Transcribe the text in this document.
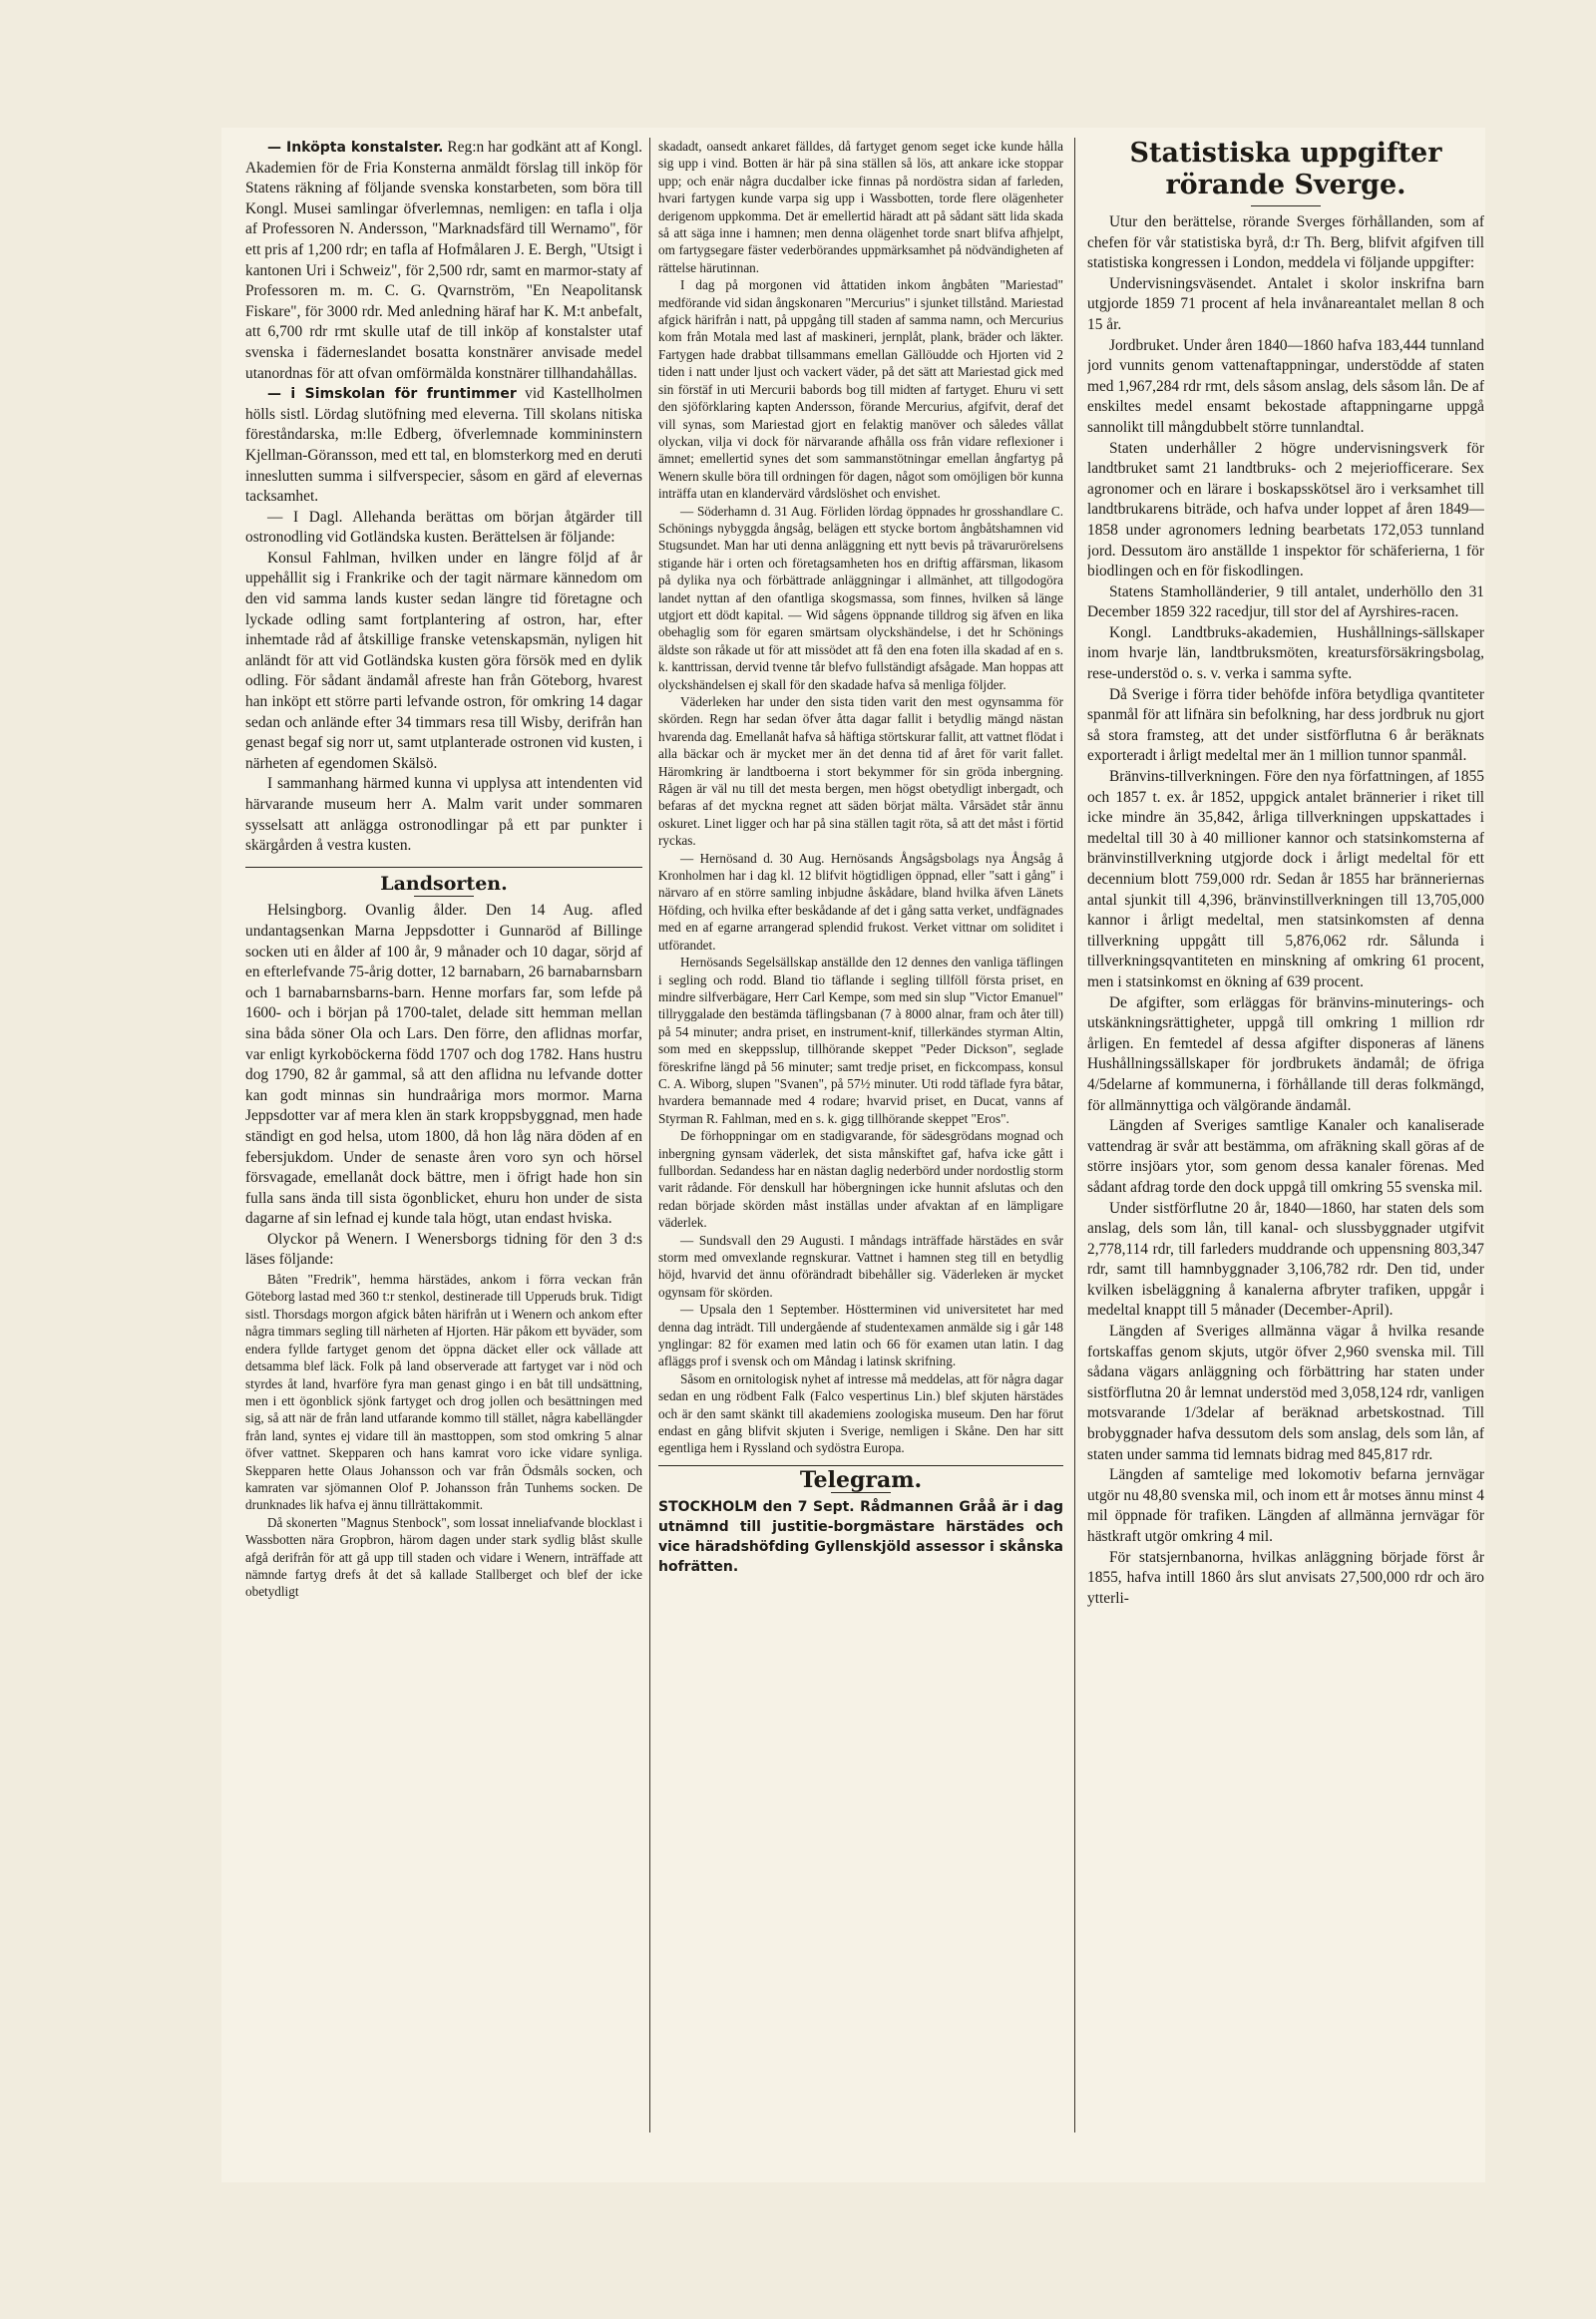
— Inköpta konstalster. Reg:n har godkänt att af Kongl. Akademien för de Fria Konsterna anmäldt förslag till inköp för Statens räkning af följande svenska konstarbeten, som böra till Kongl. Musei samlingar öfverlemnas, nemligen: en tafla i olja af Professoren N. Andersson, "Marknadsfärd till Wernamo", för ett pris af 1,200 rdr; en tafla af Hofmålaren J. E. Bergh, "Utsigt i kantonen Uri i Schweiz", för 2,500 rdr, samt en marmor-staty af Professoren m. m. C. G. Qvarnström, "En Neapolitansk Fiskare", för 3000 rdr. Med anledning häraf har K. M:t anbefalt, att 6,700 rdr rmt skulle utaf de till inköp af konstalster utaf svenska i fäderneslandet bosatta konstnärer anvisade medel utanordnas för att ofvan omförmälda konstnärer tillhandahållas.

— i Simskolan för fruntimmer vid Kastellholmen hölls sistl. Lördag slutöfning med eleverna. Till skolans nitiska föreståndarska, m:lle Edberg, öfverlemnade kommininstern Kjellman-Göransson, med ett tal, en blomsterkorg med en deruti inneslutten summa i silfverspecier, såsom en gärd af elevernas tacksamhet.

— I Dagl. Allehanda berättas om början åtgärder till ostronodling vid Gotländska kusten. Berättelsen är följande:

Konsul Fahlman, hvilken under en längre följd af år uppehållit sig i Frankrike och der tagit närmare kännedom om den vid samma lands kuster sedan längre tid företagne och lyckade odling samt fortplantering af ostron, har, efter inhemtade råd af åtskillige franske vetenskapsmän, nyligen hit anländt för att vid Gotländska kusten göra försök med en dylik odling. För sådant ändamål afreste han från Göteborg, hvarest han inköpt ett större parti lefvande ostron, för omkring 14 dagar sedan och anlände efter 34 timmars resa till Wisby, derifrån han genast begaf sig norr ut, samt utplanterade ostronen vid kusten, i närheten af egendomen Skälsö.

I sammanhang härmed kunna vi upplysa att intendenten vid härvarande museum herr A. Malm varit under sommaren sysselsatt att anlägga ostronodlingar på ett par punkter i skärgården å vestra kusten.

Landsorten.

Helsingborg. Ovanlig ålder. Den 14 Aug. afled undantagsenkan Marna Jeppsdotter i Gunnaröd af Billinge socken uti en ålder af 100 år, 9 månader och 10 dagar, sörjd af en efterlefvande 75-årig dotter, 12 barnabarn, 26 barnabarnsbarn och 1 barnabarnsbarns-barn. Henne morfars far, som lefde på 1600- och i början på 1700-talet, delade sitt hemman mellan sina båda söner Ola och Lars. Den förre, den aflidnas morfar, var enligt kyrkoböckerna född 1707 och dog 1782. Hans hustru dog 1790, 82 år gammal, så att den aflidna nu lefvande dotter kan godt minnas sin hundraåriga mors mormor. Marna Jeppsdotter var af mera klen än stark kroppsbyggnad, men hade ständigt en god helsa, utom 1800, då hon låg nära döden af en febersjukdom. Under de senaste åren voro syn och hörsel försvagade, emellanåt dock bättre, men i öfrigt hade hon sin fulla sans ända till sista ögonblicket, ehuru hon under de sista dagarne af sin lefnad ej kunde tala högt, utan endast hviska.

Olyckor på Wenern. I Wenersborgs tidning för den 3 d:s läses följande:

Båten "Fredrik", hemma härstädes, ankom i förra veckan från Göteborg lastad med 360 t:r stenkol, destinerade till Upperuds bruk. Tidigt sistl. Thorsdags morgon afgick båten härifrån ut i Wenern och ankom efter några timmars segling till närheten af Hjorten. Här påkom ett byväder, som endera fyllde fartyget genom det öppna däcket eller ock vållade att detsamma blef läck. Folk på land observerade att fartyget var i nöd och styrdes åt land, hvarföre fyra man genast gingo i en båt till undsättning, men i ett ögonblick sjönk fartyget och drog jollen och besättningen med sig, så att när de från land utfarande kommo till stället, några kabellängder från land, syntes ej vidare till än masttoppen, som stod omkring 5 alnar öfver vattnet. Skepparen och hans kamrat voro icke vidare synliga. Skepparen hette Olaus Johansson och var från Ödsmåls socken, och kamraten var sjömannen Olof P. Johansson från Tunhems socken. De drunknades lik hafva ej ännu tillrättakommit.

Då skonerten "Magnus Stenbock", som lossat inneliafvande blocklast i Wassbotten nära Gropbron, härom dagen under stark sydlig blåst skulle afgå derifrån för att gå upp till staden och vidare i Wenern, inträffade att nämnde fartyg drefs åt det så kallade Stallberget och blef der icke obetydligt

skadadt, oansedt ankaret fälldes, då fartyget genom seget icke kunde hålla sig upp i vind. Botten är här på sina ställen så lös, att ankare icke stoppar upp; och enär några ducdalber icke finnas på nordöstra sidan af farleden, hvari fartygen kunde varpa sig upp i Wassbotten, torde flere olägenheter derigenom uppkomma. Det är emellertid häradt att på sådant sätt lida skada så att säga inne i hamnen; men denna olägenhet torde snart blifva afhjelpt, om fartygsegare fäster vederbörandes uppmärksamhet på nödvändigheten af rättelse härutinnan.

I dag på morgonen vid åttatiden inkom ångbåten "Mariestad" medförande vid sidan ångskonaren "Mercurius" i sjunket tillstånd. Mariestad afgick härifrån i natt, på uppgång till staden af samma namn, och Mercurius kom från Motala med last af maskineri, jernplåt, plank, bräder och läkter. Fartygen hade drabbat tillsammans emellan Gällöudde och Hjorten vid 2 tiden i natt under ljust och vackert väder, på det sätt att Mariestad gick med sin förstäf in uti Mercurii babords bog till midten af fartyget. Ehuru vi sett den sjöförklaring kapten Andersson, förande Mercurius, afgifvit, deraf det vill synas, som Mariestad gjort en felaktig manöver och således vållat olyckan, vilja vi dock för närvarande afhålla oss från vidare reflexioner i ämnet; emellertid synes det som sammanstötningar emellan ångfartyg på Wenern skulle böra till ordningen för dagen, något som omöjligen bör kunna inträffa utan en klandervärd vårdslöshet och envishet.

— Söderhamn d. 31 Aug. Förliden lördag öppnades hr grosshandlare C. Schönings nybyggda ångsåg, belägen ett stycke bortom ångbåtshamnen vid Stugsundet. Man har uti denna anläggning ett nytt bevis på trävarurörelsens stigande här i orten och företagsamheten hos en driftig affärsman, likasom på dylika nya och förbättrade anläggningar i allmänhet, att tillgodogöra landet nyttan af den ofantliga skogsmassa, som finnes, hvilken så länge utgjort ett dödt kapital. — Wid sågens öppnande tilldrog sig äfven en lika obehaglig som för egaren smärtsam olyckshändelse, i det hr Schönings äldste son råkade ut för att missödet att få den ena foten illa skadad af en s. k. kanttrissan, dervid tvenne tår blefvo fullständigt afsågade. Man hoppas att olyckshändelsen ej skall för den skadade hafva så menliga följder.

Väderleken har under den sista tiden varit den mest ogynsamma för skörden. Regn har sedan öfver åtta dagar fallit i betydlig mängd nästan hvarenda dag. Emellanåt hafva så häftiga störtskurar fallit, att vattnet flödat i alla bäckar och är mycket mer än det denna tid af året för varit fallet. Häromkring är landtboerna i stort bekymmer för sin gröda inbergning. Rågen är väl nu till det mesta bergen, men högst obetydligt inbergadt, och befaras af det myckna regnet att säden börjat mälta. Vårsädet står ännu oskuret. Linet ligger och har på sina ställen tagit röta, så att det måst i förtid ryckas.

— Hernösand d. 30 Aug. Hernösands Ångsågsbolags nya Ångsåg å Kronholmen har i dag kl. 12 blifvit högtidligen öppnad, eller "satt i gång" i närvaro af en större samling inbjudne åskådare, bland hvilka äfven Länets Höfding, och hvilka efter beskådande af det i gång satta verket, undfägnades med en af egarne arrangerad splendid frukost. Verket vittnar om soliditet i utförandet.

Hernösands Segelsällskap anställde den 12 dennes den vanliga täflingen i segling och rodd. Bland tio täflande i segling tillföll första priset, en mindre silfverbägare, Herr Carl Kempe, som med sin slup "Victor Emanuel" tillryggalade den bestämda täflingsbanan (7 à 8000 alnar, fram och åter till) på 54 minuter; andra priset, en instrument-knif, tillerkändes styrman Altin, som med en skeppsslup, tillhörande skeppet "Peder Dickson", seglade föreskrifne längd på 56 minuter; samt tredje priset, en fickcompass, konsul C. A. Wiborg, slupen "Svanen", på 57½ minuter. Uti rodd täflade fyra båtar, hvardera bemannade med 4 rodare; hvarvid priset, en Ducat, vanns af Styrman R. Fahlman, med en s. k. gigg tillhörande skeppet "Eros".

De förhoppningar om en stadigvarande, för sädesgrödans mognad och inbergning gynsam väderlek, det sista månskiftet gaf, hafva icke gått i fullbordan. Sedandess har en nästan daglig nederbörd under nordostlig storm varit rådande. För denskull har höbergningen icke hunnit afslutas och den redan började skörden måst inställas under afvaktan af en lämpligare väderlek.

— Sundsvall den 29 Augusti. I måndags inträffade härstädes en svår storm med omvexlande regnskurar. Vattnet i hamnen steg till en betydlig höjd, hvarvid det ännu oförändradt bibehåller sig. Väderleken är mycket ogynsam för skörden.

— Upsala den 1 September. Höstterminen vid universitetet har med denna dag inträdt. Till undergående af studentexamen anmälde sig i går 148 ynglingar: 82 för examen med latin och 66 för examen utan latin. I dag afläggs prof i svensk och om Måndag i latinsk skrifning.

Såsom en ornitologisk nyhet af intresse må meddelas, att för några dagar sedan en ung rödbent Falk (Falco vespertinus Lin.) blef skjuten härstädes och är den samt skänkt till akademiens zoologiska museum. Den har förut endast en gång blifvit skjuten i Sverige, nemligen i Skåne. Den har sitt egentliga hem i Ryssland och sydöstra Europa.

Telegram.

STOCKHOLM den 7 Sept. Rådmannen Gråå är i dag utnämnd till justitie-borgmästare härstädes och vice häradshöfding Gyllenskjöld assessor i skånska hofrätten.

Statistiska uppgifter rörande Sverge.

Utur den berättelse, rörande Sverges förhållanden, som af chefen för vår statistiska byrå, d:r Th. Berg, blifvit afgifven till statistiska kongressen i London, meddela vi följande uppgifter:

Undervisningsväsendet. Antalet i skolor inskrifna barn utgjorde 1859 71 procent af hela invånareantalet mellan 8 och 15 år.

Jordbruket. Under åren 1840—1860 hafva 183,444 tunnland jord vunnits genom vattenaftappningar, understödde af staten med 1,967,284 rdr rmt, dels såsom anslag, dels såsom lån. De af enskiltes medel ensamt bekostade aftappningarne uppgå sannolikt till mångdubbelt större tunnlandtal.

Staten underhåller 2 högre undervisningsverk för landtbruket samt 21 landtbruks- och 2 mejeriofficerare. Sex agronomer och en lärare i boskapsskötsel äro i verksamhet till landtbrukarens biträde, och hafva under loppet af åren 1849—1858 under agronomers ledning bearbetats 172,053 tunnland jord. Dessutom äro anställde 1 inspektor för schäferierna, 1 för biodlingen och en för fiskodlingen.

Statens Stamholländerier, 9 till antalet, underhöllo den 31 December 1859 322 racedjur, till stor del af Ayrshires-racen.

Kongl. Landtbruks-akademien, Hushållnings-sällskaper inom hvarje län, landtbruksmöten, kreatursförsäkringsbolag, rese-understöd o. s. v. verka i samma syfte.

Då Sverige i förra tider behöfde införa betydliga qvantiteter spanmål för att lifnära sin befolkning, har dess jordbruk nu gjort så stora framsteg, att det under sistförflutna 6 år beräknats exporteradt i årligt medeltal mer än 1 million tunnor spanmål.

Bränvins-tillverkningen. Före den nya författningen, af 1855 och 1857 t. ex. år 1852, uppgick antalet brännerier i riket till icke mindre än 35,842, årliga tillverkningen uppskattades i medeltal till 30 à 40 millioner kannor och statsinkomsterna af bränvinstillverkning utgjorde dock i årligt medeltal för ett decennium blott 759,000 rdr. Sedan år 1855 har bränneriernas antal sjunkit till 4,396, bränvinstillverkningen till 13,705,000 kannor i årligt medeltal, men statsinkomsten af denna tillverkning uppgått till 5,876,062 rdr. Sålunda i tillverkningsqvantiteten en minskning af omkring 61 procent, men i statsinkomst en ökning af 639 procent.

De afgifter, som erläggas för bränvins-minuterings- och utskänkningsrättigheter, uppgå till omkring 1 million rdr årligen. En femtedel af dessa afgifter disponeras af länens Hushållningssällskaper för jordbrukets ändamål; de öfriga 4/5delarne af kommunerna, i förhållande till deras folkmängd, för allmännyttiga och välgörande ändamål.

Längden af Sveriges samtlige Kanaler och kanaliserade vattendrag är svår att bestämma, om afräkning skall göras af de större insjöars ytor, som genom dessa kanaler förenas. Med sådant afdrag torde den dock uppgå till omkring 55 svenska mil.

Under sistförflutne 20 år, 1840—1860, har staten dels som anslag, dels som lån, till kanal- och slussbyggnader utgifvit 2,778,114 rdr, till farleders muddrande och uppensning 803,347 rdr, samt till hamnbyggnader 3,106,782 rdr. Den tid, under kvilken isbeläggning å kanalerna afbryter trafiken, uppgår i medeltal knappt till 5 månader (December-April).

Längden af Sveriges allmänna vägar å hvilka resande fortskaffas genom skjuts, utgör öfver 2,960 svenska mil. Till sådana vägars anläggning och förbättring har staten under sistförflutna 20 år lemnat understöd med 3,058,124 rdr, vanligen motsvarande 1/3delar af beräknad arbetskostnad. Till brobyggnader hafva dessutom dels som anslag, dels som lån, af staten under samma tid lemnats bidrag med 845,817 rdr.

Längden af samtelige med lokomotiv befarna jernvägar utgör nu 48,80 svenska mil, och inom ett år motses ännu minst 4 mil öppnade för trafiken. Längden af allmänna jernvägar för hästkraft utgör omkring 4 mil.

För statsjernbanorna, hvilkas anläggning började först år 1855, hafva intill 1860 års slut anvisats 27,500,000 rdr och äro ytterli-
